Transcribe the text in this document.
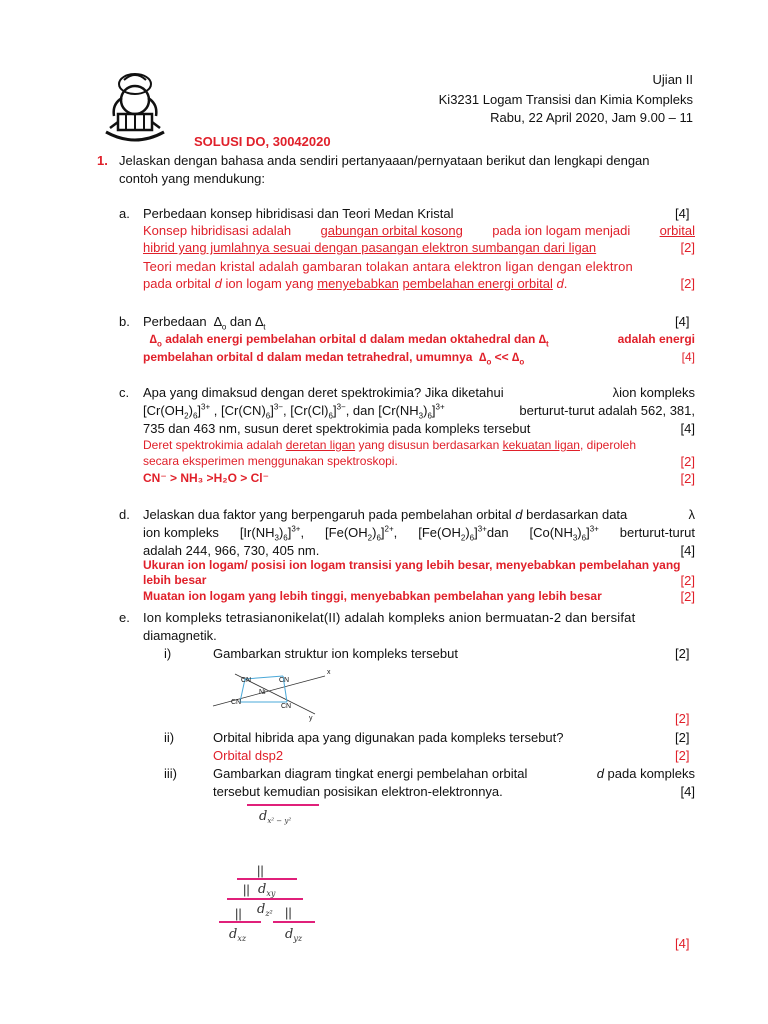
Ujian II
Ki3231 Logam Transisi dan Kimia Kompleks
Rabu, 22 April 2020, Jam 9.00 – 11
SOLUSI DO, 30042020
1. Jelaskan dengan bahasa anda sendiri pertanyaaan/pernyataan berikut dan lengkapi dengan
contoh yang mendukung:
a. Perbedaan konsep hibridisasi dan Teori Medan Kristal	[4]
Konsep hibridisasi adalah gabungan orbital kosong pada ion logam menjadi orbital
hibrid yang jumlahnya sesuai dengan pasangan elektron sumbangan dari ligan	[2]
Teori medan kristal adalah gambaran tolakan antara elektron ligan dengan elektron
pada orbital d ion logam yang menyebabkan pembelahan energi orbital d.	[2]
b. Perbedaan $\Delta_o$ dan $\Delta_t$	[4]
$\Delta_o$ adalah energi pembelahan orbital d dalam medan oktahedral dan $\Delta_t$	adalah energi
pembelahan orbital d dalam medan tetrahedral, umumnya $\Delta_o << \Delta_o$	[4]
c. Apa yang dimaksud dengan deret spektrokimia? Jika diketahui	λion kompleks
$[Cr(OH_2)_6]^{3+}$ , $[Cr(CN)_6]^{3-}$, $[Cr(Cl)_6]^{3-}$, dan $[Cr(NH_3)_6]^{3+}$	berturut-turut adalah 562, 381,
735 dan 463 nm, susun deret spektrokimia pada kompleks tersebut	[4]
Deret spektrokimia adalah deretan ligan yang disusun berdasarkan kekuatan ligan, diperoleh
secara eksperimen menggunakan spektroskopi.	[2]
CN⁻ > NH₃ >H₂O > Cl⁻	[2]
d. Jelaskan dua faktor yang berpengaruh pada pembelahan orbital d berdasarkan data	λ
ion kompleks $[Ir(NH_3)_6]^{3+}$, $[Fe(OH_2)_6]^{2+}$, $[Fe(OH_2)_6]^{3+}dan$ $[Co(NH_3)_6]^{3+}$ berturut-turut
adalah 244, 966, 730, 405 nm.	[4]
Ukuran ion logam/ posisi ion logam transisi yang lebih besar, menyebabkan pembelahan yang
lebih besar	[2]
Muatan ion logam yang lebih tinggi, menyebabkan pembelahan yang lebih besar	[2]
e. Ion kompleks tetrasianonikelat(II) adalah kompleks anion bermuatan-2 dan bersifat
diamagnetik.
i)	Gambarkan struktur ion kompleks tersebut	[2]
CN	CN
CN
CN
Ni
x
y	[2]
ii)	Orbital hibrida apa yang digunakan pada kompleks tersebut?	[2]
Orbital dsp2	[2]
iii)	Gambarkan diagram tingkat energi pembelahan orbital	d pada kompleks
tersebut kemudian posisikan elektron-elektronnya.	[4]
$d_{x^2 - y^2}$
||
|| $d_{xy}$
$d_{z^2}$
||	||
$d_{xz}$	$d_{yz}$	[4]
